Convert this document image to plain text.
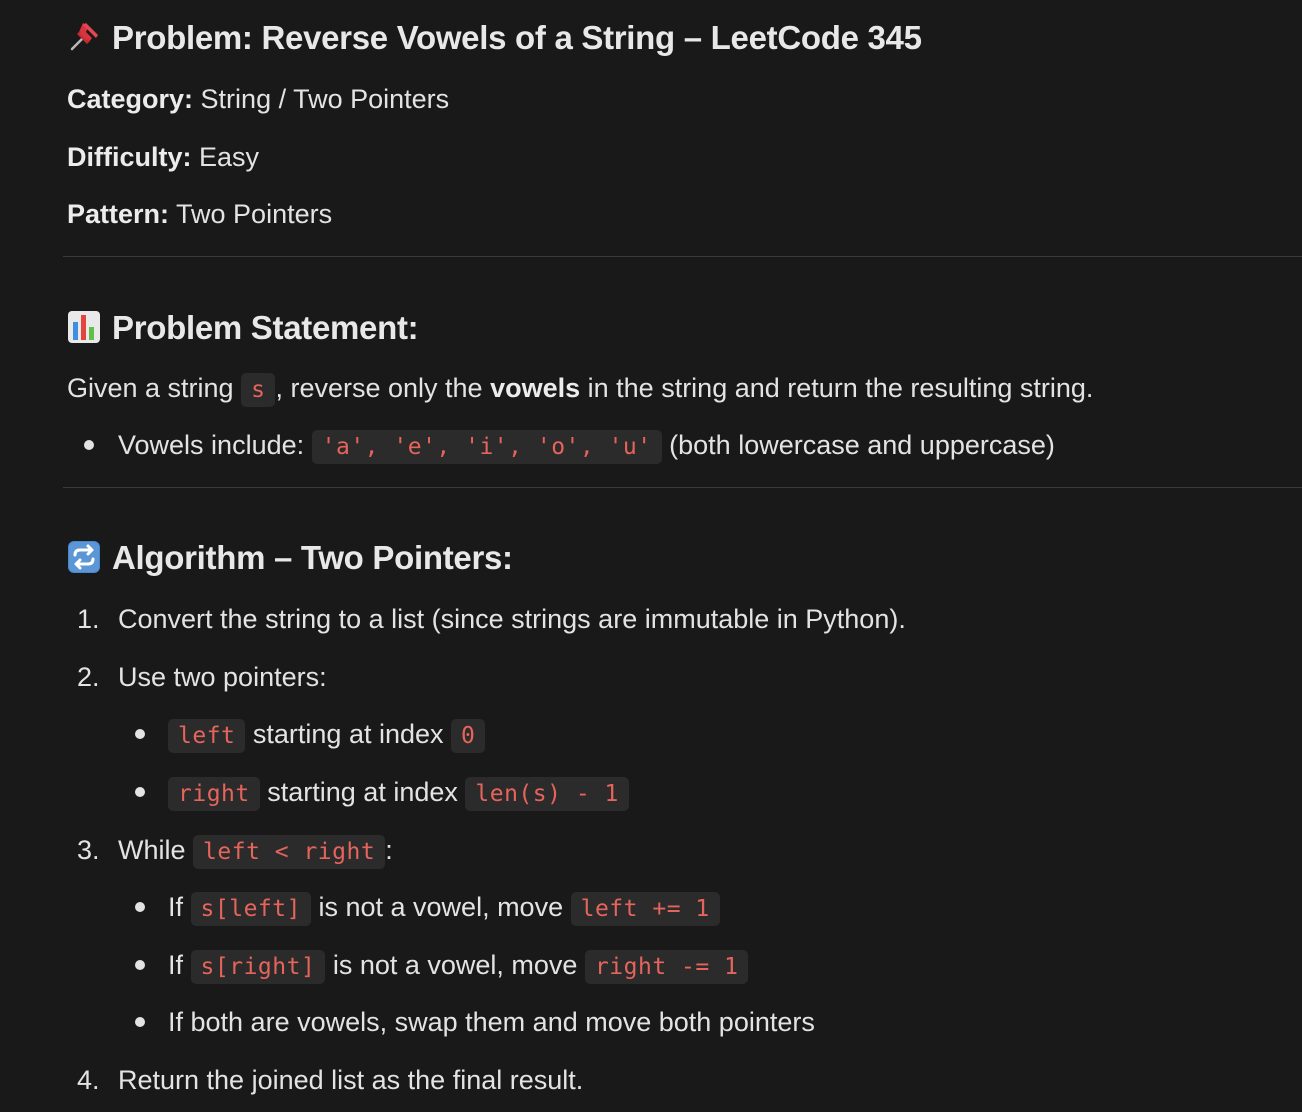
Problem: Reverse Vowels of a String – LeetCode 345
Category: String / Two Pointers
Difficulty: Easy
Pattern: Two Pointers
Problem Statement:
Given a string s , reverse only the vowels in the string and return the resulting string.
Vowels include: 'a', 'e', 'i', 'o', 'u' (both lowercase and uppercase)
Algorithm – Two Pointers:
1. Convert the string to a list (since strings are immutable in Python).
2. Use two pointers:
left starting at index 0
right starting at index len(s) - 1
3. While left < right :
If s[left] is not a vowel, move left += 1
If s[right] is not a vowel, move right -= 1
If both are vowels, swap them and move both pointers
4. Return the joined list as the final result.
